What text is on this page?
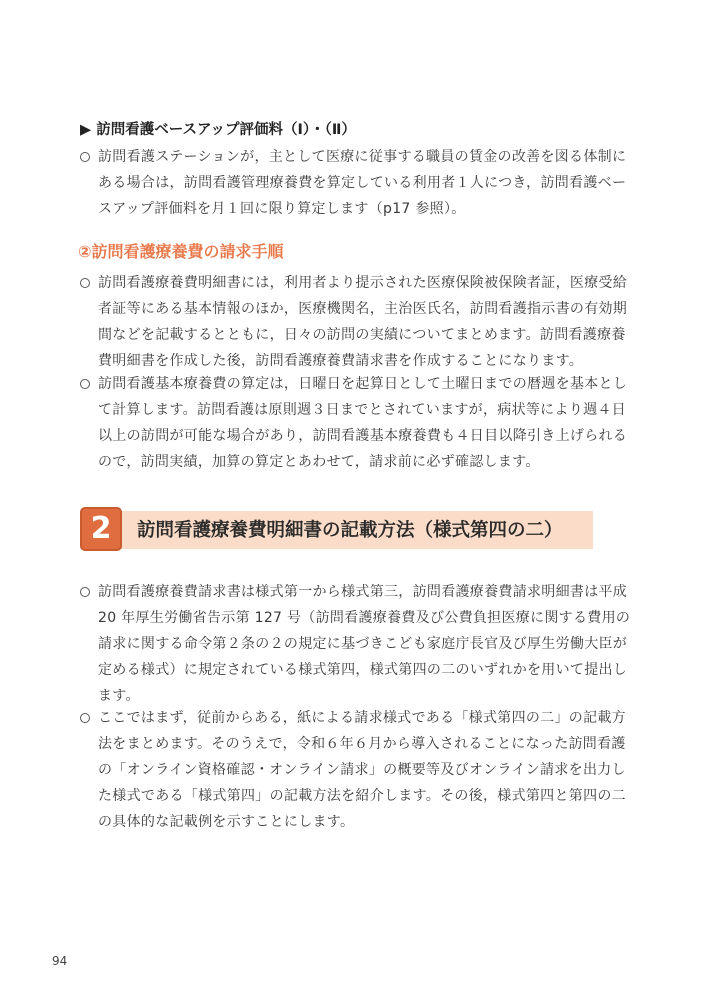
▶ 訪問看護ベースアップ評価料（Ⅰ）・（Ⅱ）
訪問看護ステーションが，主として医療に従事する職員の賃金の改善を図る体制に
ある場合は，訪問看護管理療養費を算定している利用者１人につき，訪問看護ベー
スアップ評価料を月１回に限り算定します（p17 参照）。
②訪問看護療養費の請求手順
訪問看護療養費明細書には，利用者より提示された医療保険被保険者証，医療受給
者証等にある基本情報のほか，医療機関名，主治医氏名，訪問看護指示書の有効期
間などを記載するとともに，日々の訪問の実績についてまとめます。訪問看護療養
費明細書を作成した後，訪問看護療養費請求書を作成することになります。
訪問看護基本療養費の算定は，日曜日を起算日として土曜日までの暦週を基本とし
て計算します。訪問看護は原則週３日までとされていますが，病状等により週４日
以上の訪問が可能な場合があり，訪問看護基本療養費も４日目以降引き上げられる
ので，訪問実績，加算の算定とあわせて，請求前に必ず確認します。
2	訪問看護療養費明細書の記載方法（様式第四の二）
訪問看護療養費請求書は様式第一から様式第三，訪問看護療養費請求明細書は平成
20 年厚生労働省告示第 127 号（訪問看護療養費及び公費負担医療に関する費用の
請求に関する命令第２条の２の規定に基づきこども家庭庁長官及び厚生労働大臣が
定める様式）に規定されている様式第四，様式第四の二のいずれかを用いて提出し
ます。
ここではまず，従前からある，紙による請求様式である「様式第四の二」の記載方
法をまとめます。そのうえで，令和６年６月から導入されることになった訪問看護
の「オンライン資格確認・オンライン請求」の概要等及びオンライン請求を出力し
た様式である「様式第四」の記載方法を紹介します。その後，様式第四と第四の二
の具体的な記載例を示すことにします。
94
